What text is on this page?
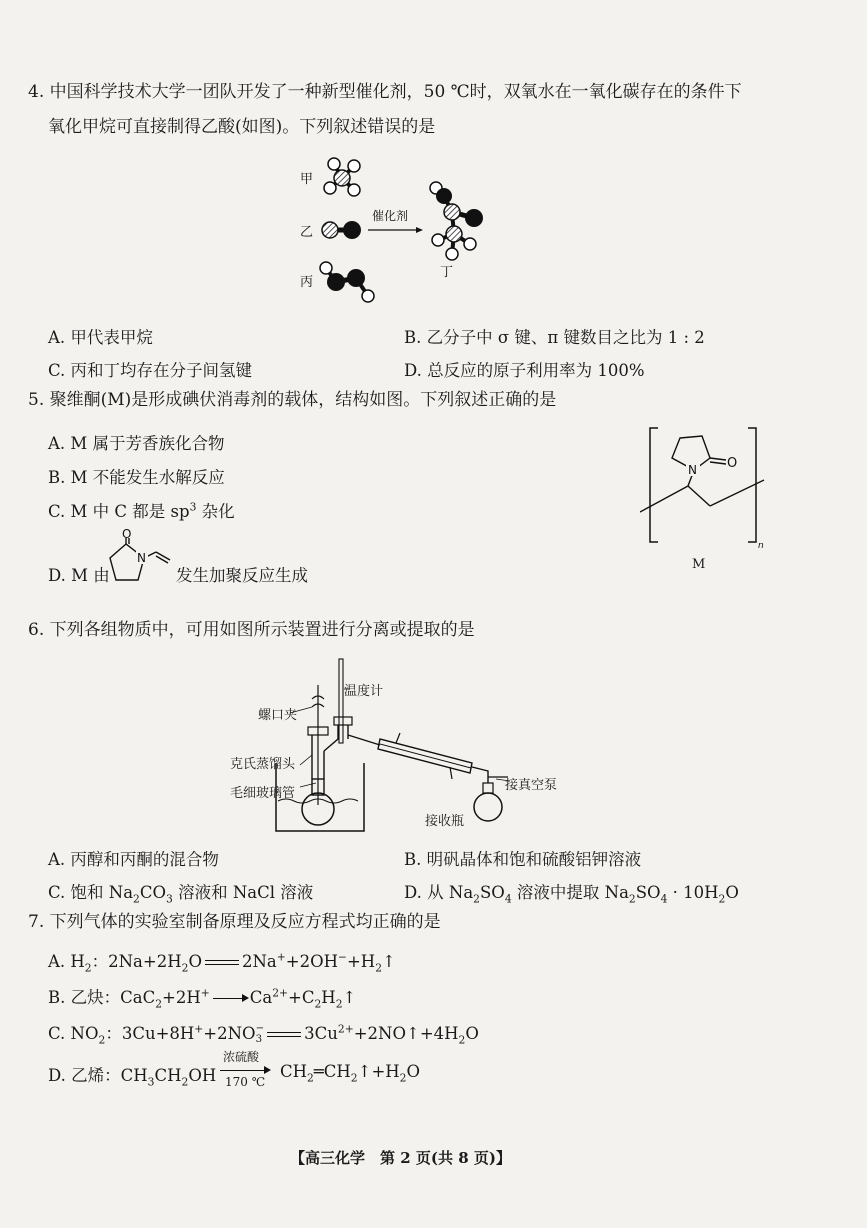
4. 中国科学技术大学一团队开发了一种新型催化剂，50 ℃时，双氧水在一氧化碳存在的条件下
氧化甲烷可直接制得乙酸(如图)。下列叙述错误的是
催化剂
甲
乙
丙
丁
A. 甲代表甲烷	B. 乙分子中 σ 键、π 键数目之比为 1 : 2
C. 丙和丁均存在分子间氢键	D. 总反应的原子利用率为 100%
5. 聚维酮(M)是形成碘伏消毒剂的载体，结构如图。下列叙述正确的是
A. M 属于芳香族化合物
B. M 不能发生水解反应
C. M 中 C 都是 $sp^3$ 杂化
D. M 由
N
O
发生加聚反应生成
N O
n
M
6. 下列各组物质中，可用如图所示装置进行分离或提取的是
温度计
螺口夹
克氏蒸馏头
毛细玻璃管
接真空泵
接收瓶
A. 丙醇和丙酮的混合物	B. 明矾晶体和饱和硫酸铝钾溶液
C. 饱和 $Na_2CO_3$ 溶液和 NaCl 溶液	D. 从 $Na_2SO_4$ 溶液中提取 $Na_2SO_4 \cdot 10H_2O$
7. 下列气体的实验室制备原理及反应方程式均正确的是
A. $H_2$：$2Na+2H_2O$ $2Na^++2OH^-+H_2↑$
B. 乙炔：CaC$_2$+2H+ $Ca^{2+}+C_2H_2↑$
C. $NO_2$：3Cu+8H++2NO −
3	$3Cu^{2+}+2NO↑+4H_2O$
D. 乙烯：$CH_3CH_2OH$
浓硫酸
170 ℃
$CH_2═CH_2↑+H_2O$
【高三化学　第 2 页(共 8 页)】
